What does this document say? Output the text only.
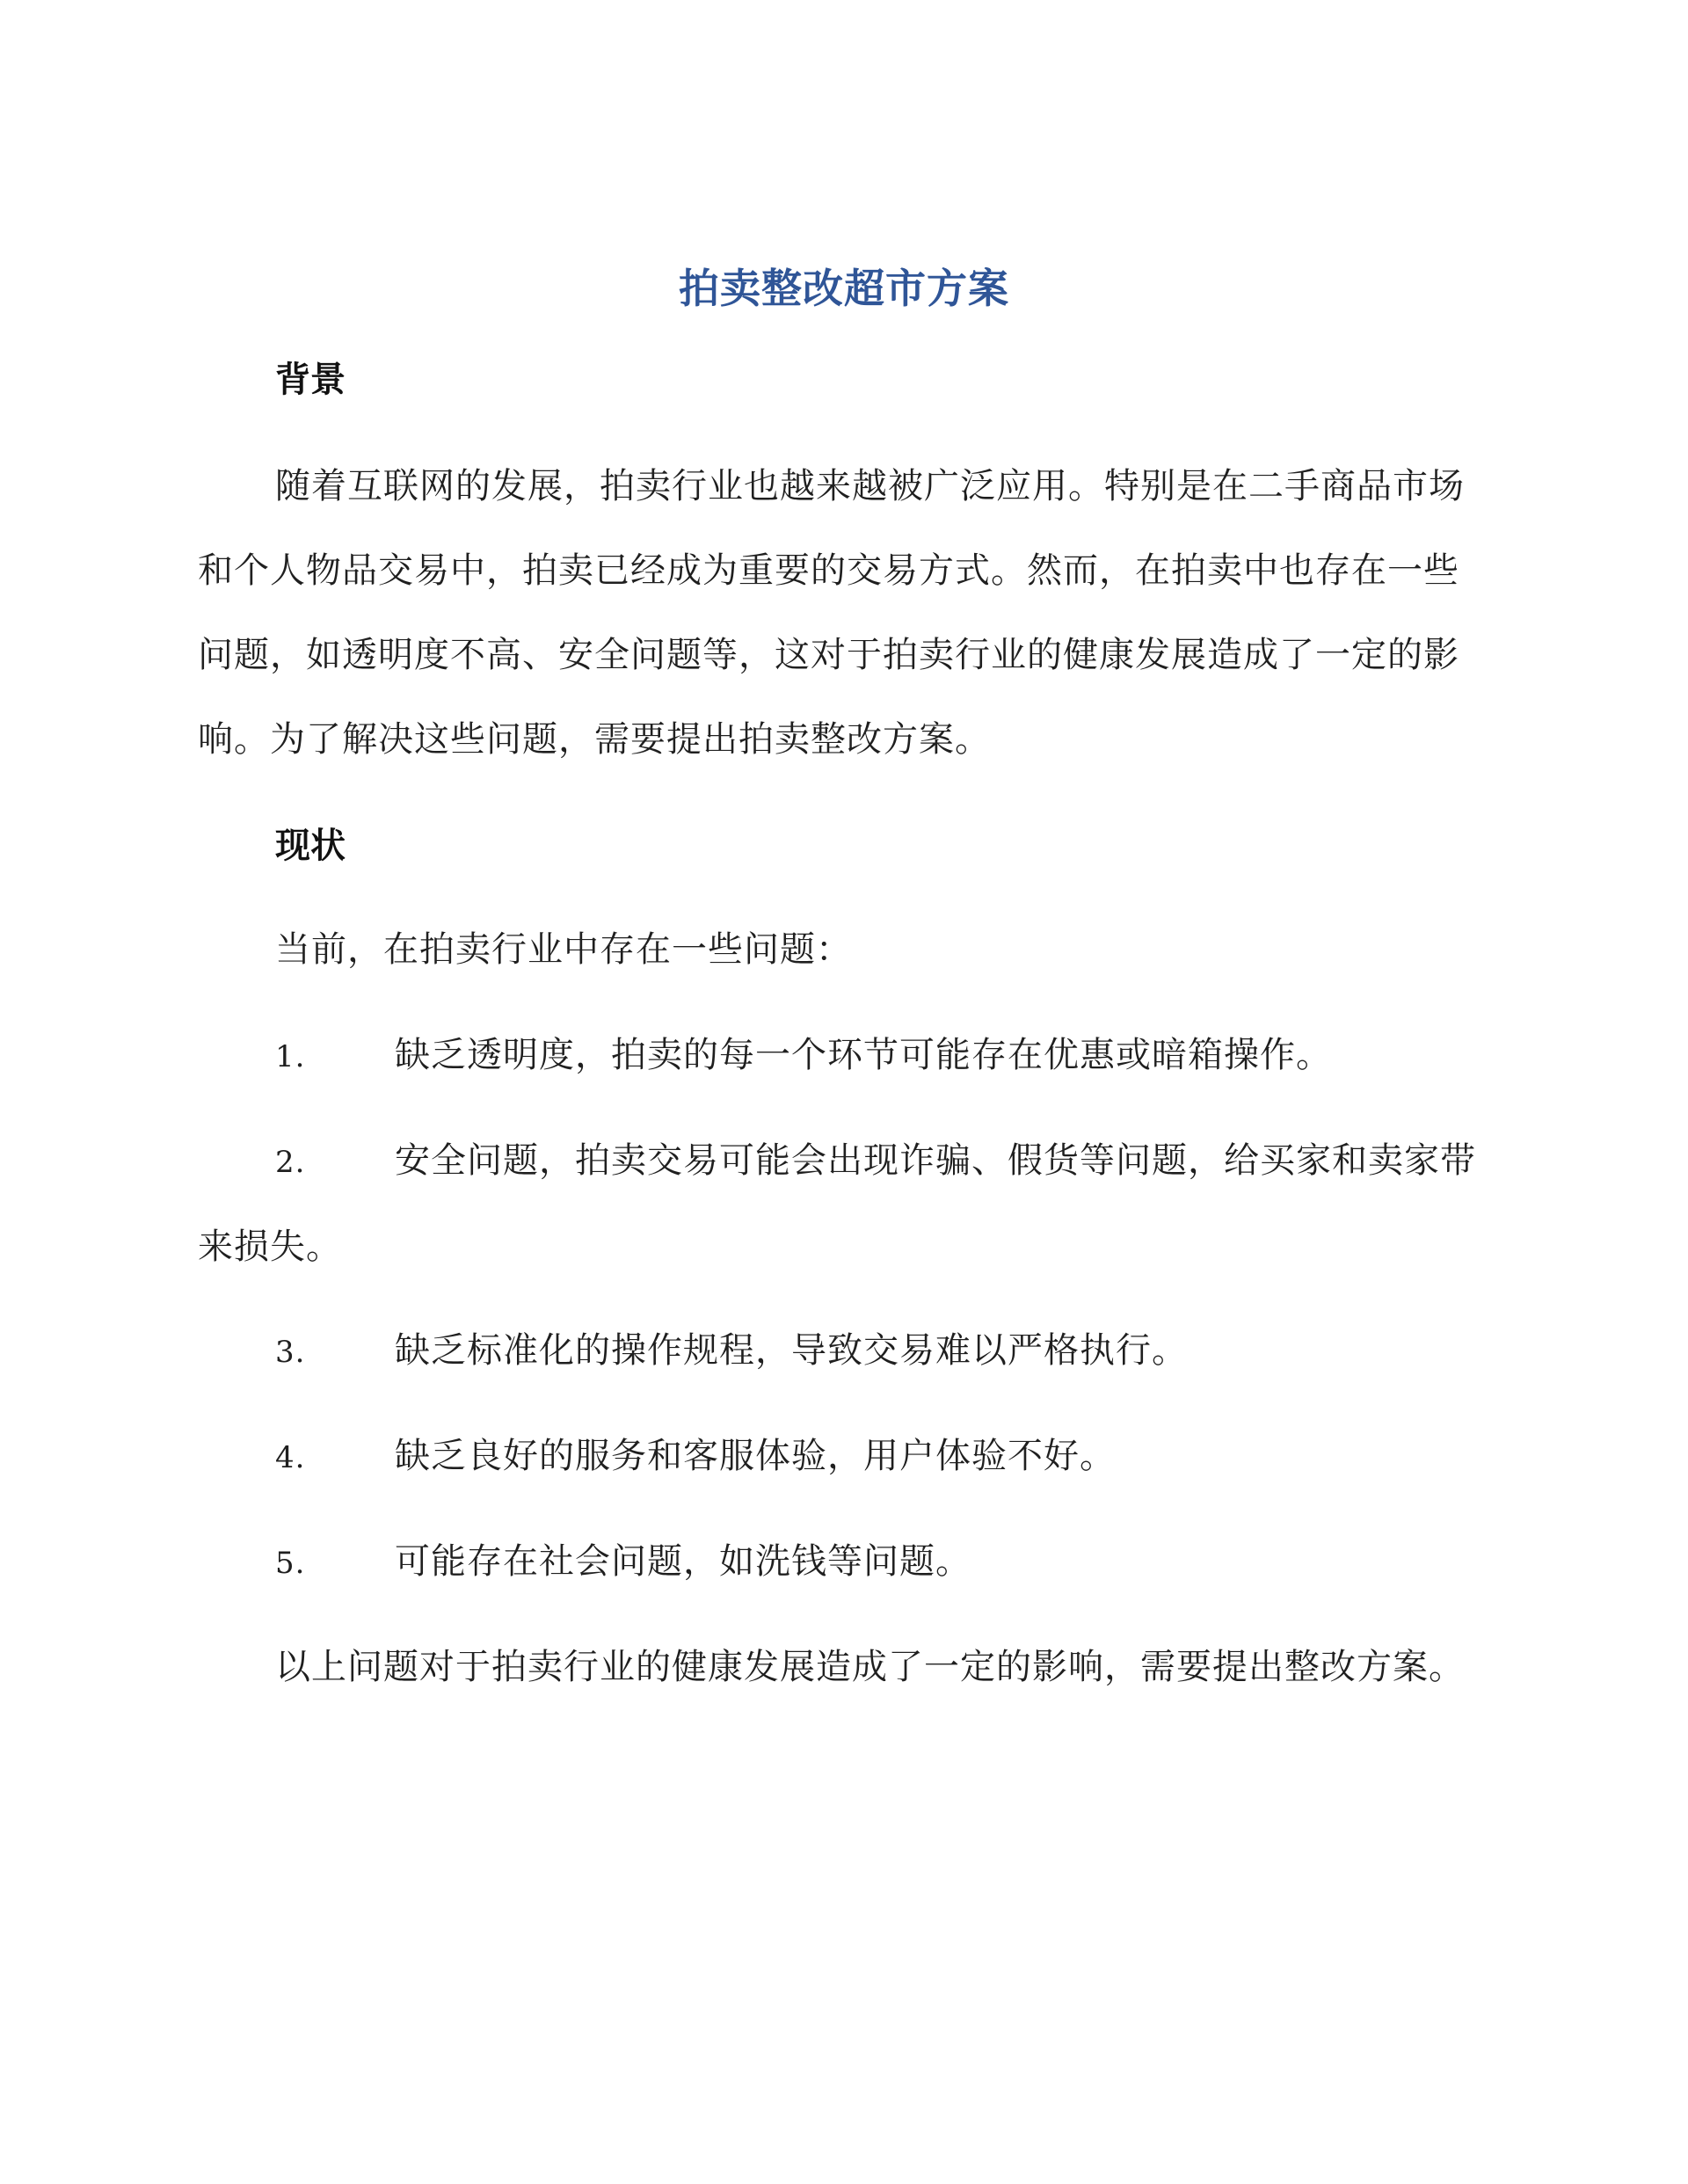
拍卖整改超市方案
背景
随着互联网的发展，拍卖行业也越来越被广泛应用。特别是在二手商品市场和个人物品交易中，拍卖已经成为重要的交易方式。然而，在拍卖中也存在一些问题，如透明度不高、安全问题等，这对于拍卖行业的健康发展造成了一定的影响。为了解决这些问题，需要提出拍卖整改方案。
现状
当前，在拍卖行业中存在一些问题：
1.	缺乏透明度，拍卖的每一个环节可能存在优惠或暗箱操作。
2.	安全问题，拍卖交易可能会出现诈骗、假货等问题，给买家和卖家带来损失。
3.	缺乏标准化的操作规程，导致交易难以严格执行。
4.	缺乏良好的服务和客服体验，用户体验不好。
5.	可能存在社会问题，如洗钱等问题。
以上问题对于拍卖行业的健康发展造成了一定的影响，需要提出整改方案。
